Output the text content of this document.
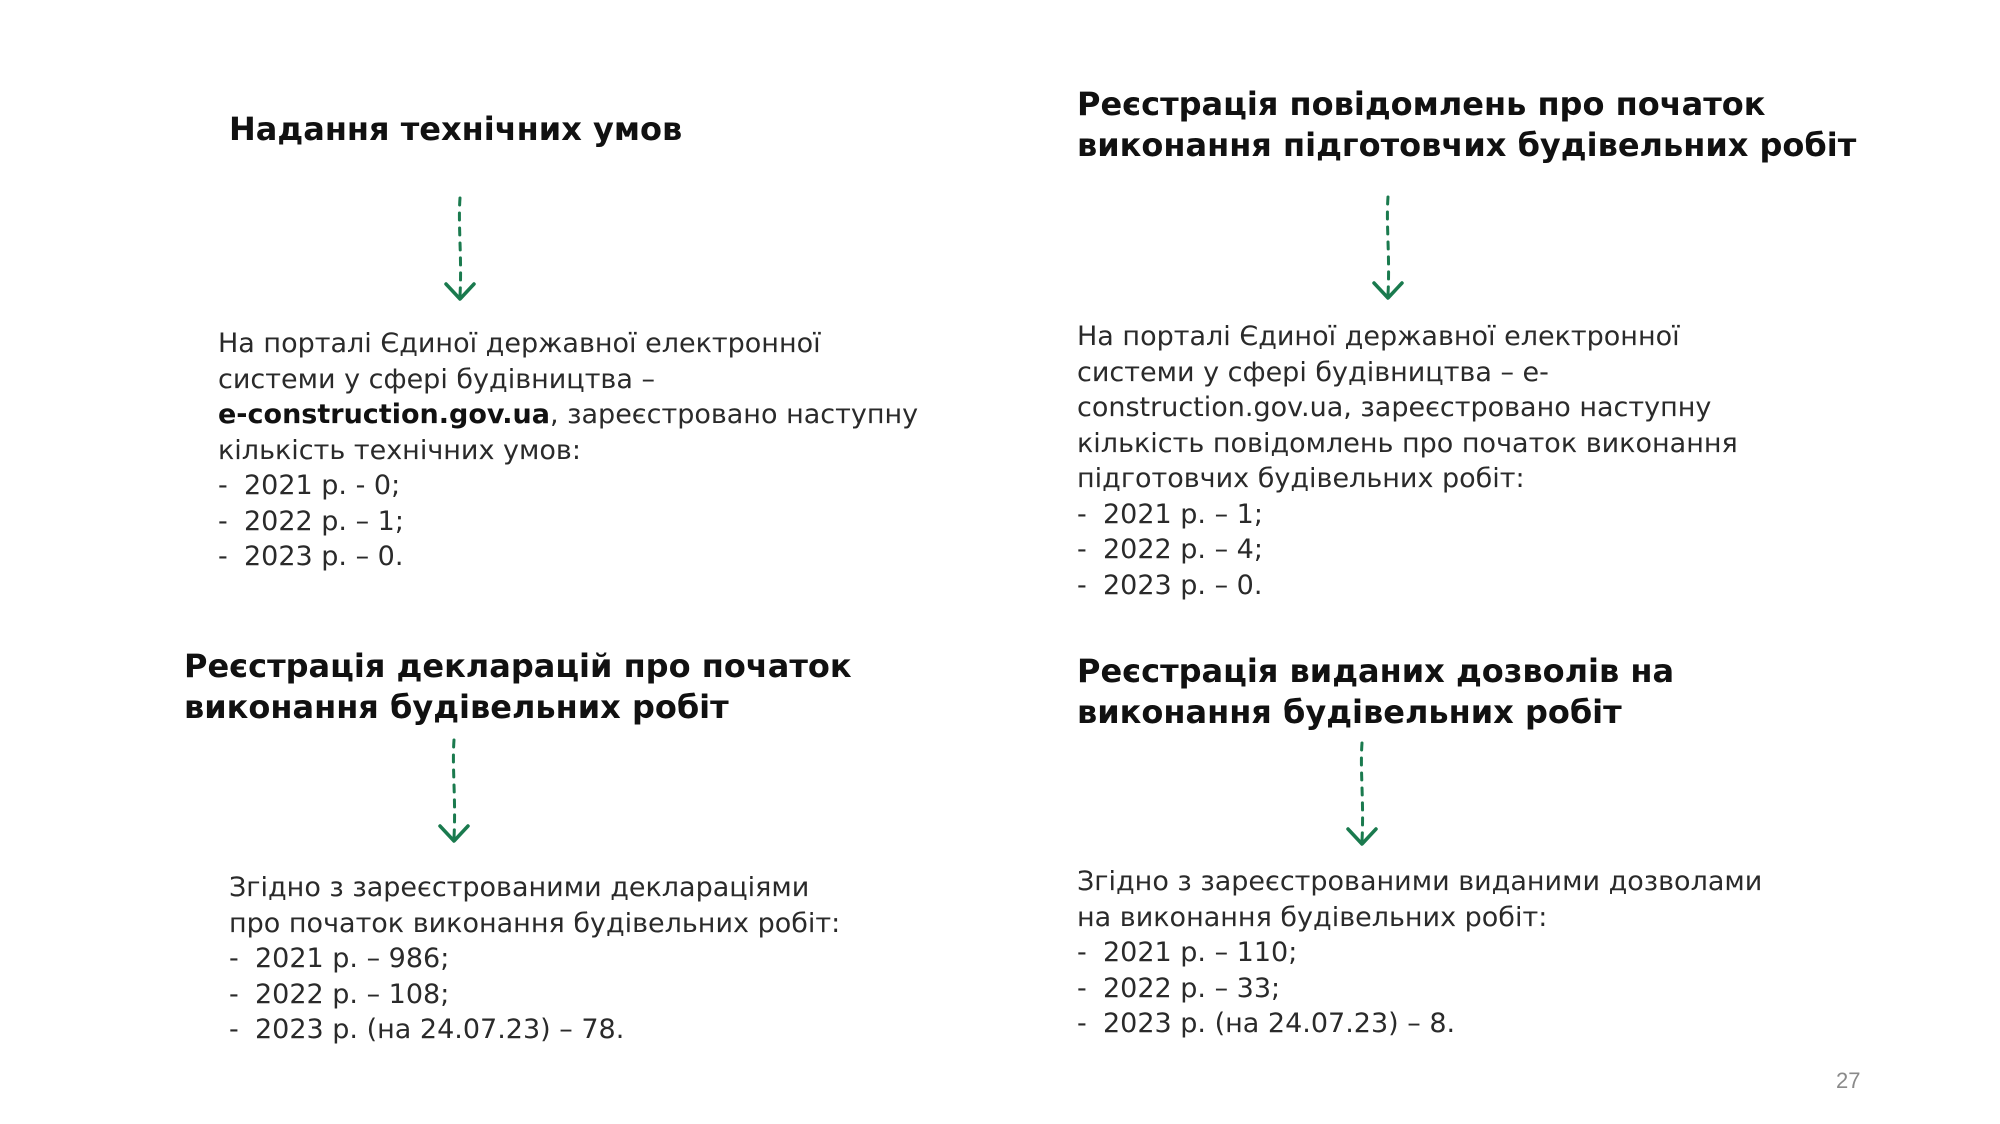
Надання технічних умов
На порталі Єдиної державної електронної
системи у сфері будівництва –
e-construction.gov.ua, зареєстровано наступну
кількість технічних умов:
- 2021 р. - 0;
- 2022 р. – 1;
- 2023 р. – 0.
Реєстрація повідомлень про початок
виконання підготовчих будівельних робіт
На порталі Єдиної державної електронної
системи у сфері будівництва – e-
construction.gov.ua, зареєстровано наступну
кількість повідомлень про початок виконання
підготовчих будівельних робіт:
- 2021 р. – 1;
- 2022 р. – 4;
- 2023 р. – 0.
Реєстрація декларацій про початок
виконання будівельних робіт
Згідно з зареєстрованими деклараціями
про початок виконання будівельних робіт:
- 2021 р. – 986;
- 2022 р. – 108;
- 2023 р. (на 24.07.23) – 78.
Реєстрація виданих дозволів на
виконання будівельних робіт
Згідно з зареєстрованими виданими дозволами
на виконання будівельних робіт:
- 2021 р. – 110;
- 2022 р. – 33;
- 2023 р. (на 24.07.23) – 8.
27
